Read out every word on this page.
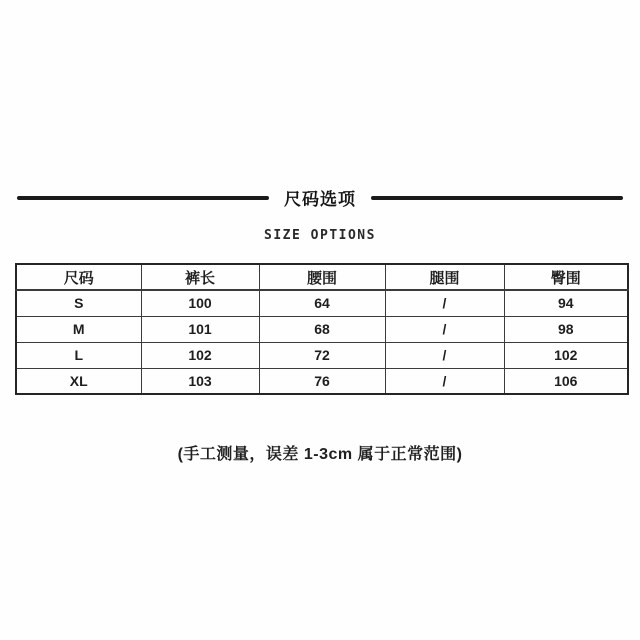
尺码选项
SIZE OPTIONS
尺码	裤长	腰围	腿围	臀围
S	100	64	/	94
M	101	68	/	98
L	102	72	/	102
XL	103	76	/	106
(手工测量，误差 1-3cm 属于正常范围)
